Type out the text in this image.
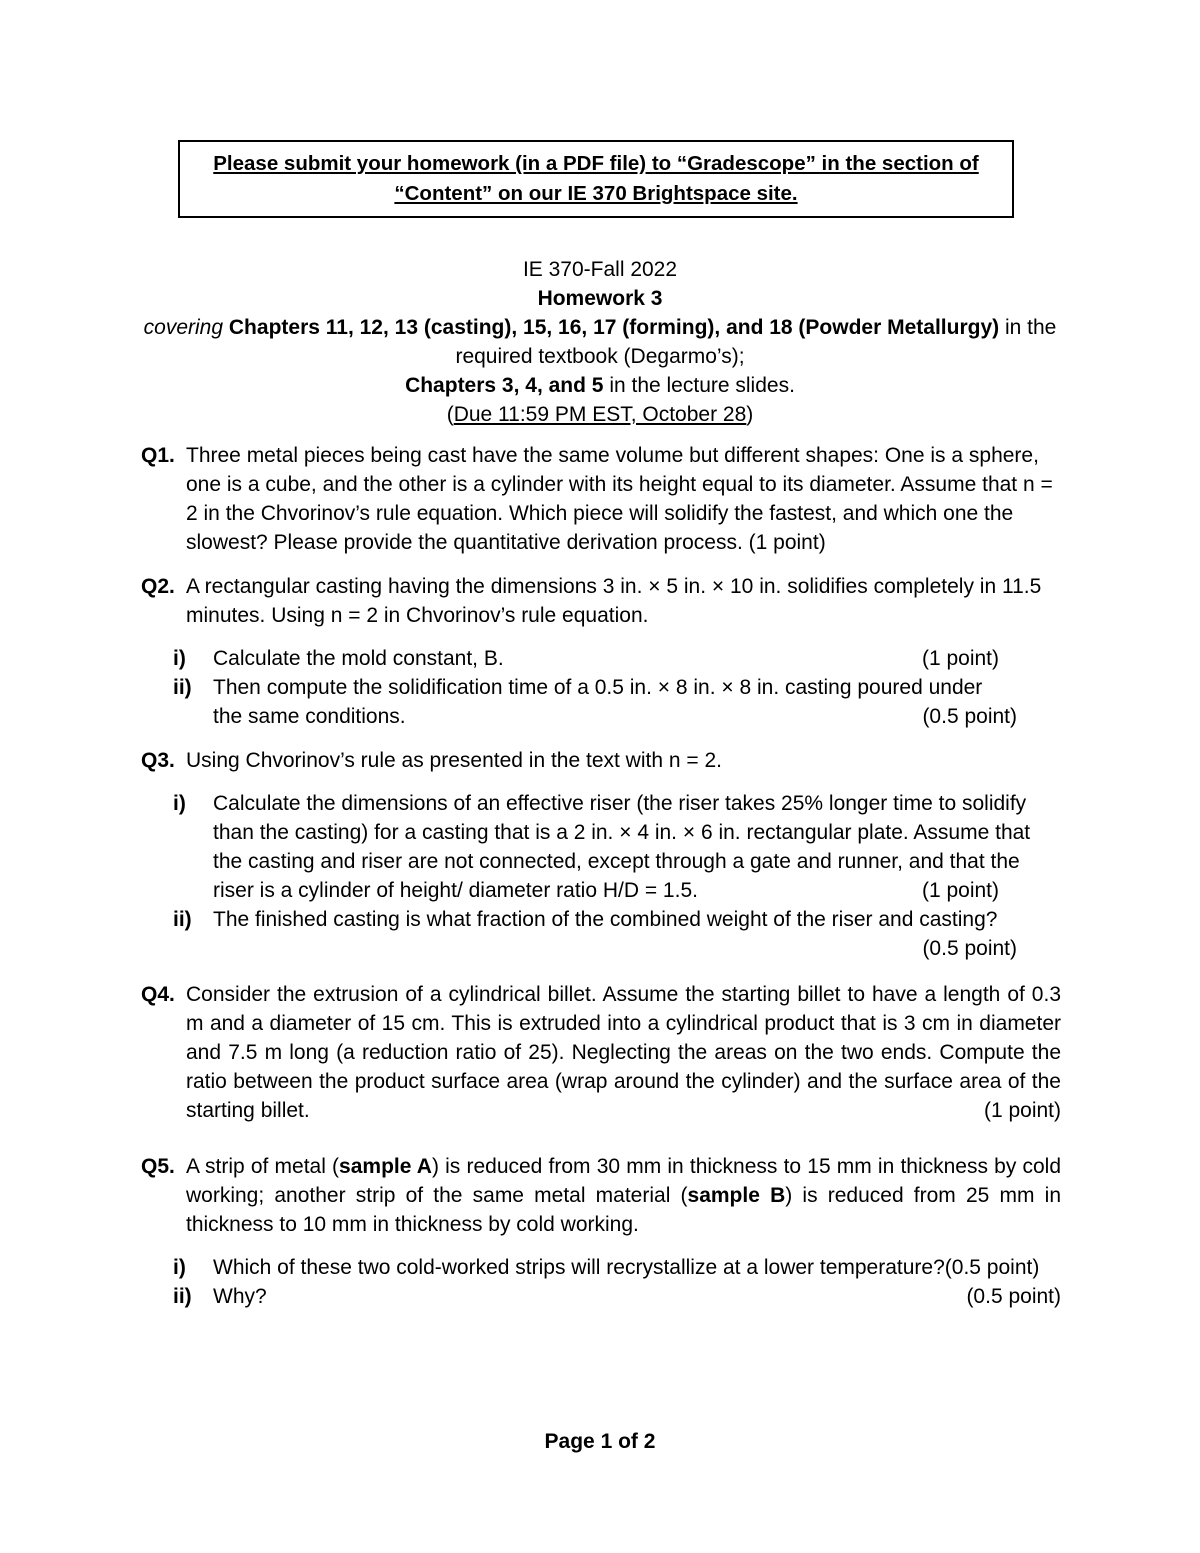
Please submit your homework (in a PDF file) to “Gradescope” in the section of
“Content” on our IE 370 Brightspace site.
IE 370-Fall 2022
Homework 3
covering Chapters 11, 12, 13 (casting), 15, 16, 17 (forming), and 18 (Powder Metallurgy) in the
required textbook (Degarmo’s);
Chapters 3, 4, and 5 in the lecture slides.
(Due 11:59 PM EST, October 28)
Q1. Three metal pieces being cast have the same volume but different shapes: One is a sphere, one is a cube, and the other is a cylinder with its height equal to its diameter. Assume that n = 2 in the Chvorinov’s rule equation. Which piece will solidify the fastest, and which one the slowest? Please provide the quantitative derivation process. (1 point)
Q2. A rectangular casting having the dimensions 3 in. × 5 in. × 10 in. solidifies completely in 11.5 minutes. Using n = 2 in Chvorinov’s rule equation.
i)	Calculate the mold constant, B.	(1 point)
ii)	Then compute the solidification time of a 0.5 in. × 8 in. × 8 in. casting poured under the same conditions.	(0.5 point)
Q3. Using Chvorinov’s rule as presented in the text with n = 2.
i)	Calculate the dimensions of an effective riser (the riser takes 25% longer time to solidify than the casting) for a casting that is a 2 in. × 4 in. × 6 in. rectangular plate. Assume that the casting and riser are not connected, except through a gate and runner, and that the riser is a cylinder of height/ diameter ratio H/D = 1.5.	(1 point)
ii)	The finished casting is what fraction of the combined weight of the riser and casting?
(0.5 point)
Q4. Consider the extrusion of a cylindrical billet. Assume the starting billet to have a length of 0.3 m and a diameter of 15 cm. This is extruded into a cylindrical product that is 3 cm in diameter and 7.5 m long (a reduction ratio of 25). Neglecting the areas on the two ends. Compute the ratio between the product surface area (wrap around the cylinder) and the surface area of the starting billet.	(1 point)
Q5. A strip of metal (sample A) is reduced from 30 mm in thickness to 15 mm in thickness by cold working; another strip of the same metal material (sample B) is reduced from 25 mm in thickness to 10 mm in thickness by cold working.
i)	Which of these two cold-worked strips will recrystallize at a lower temperature?(0.5 point)
ii)	Why?	(0.5 point)
Page 1 of 2
